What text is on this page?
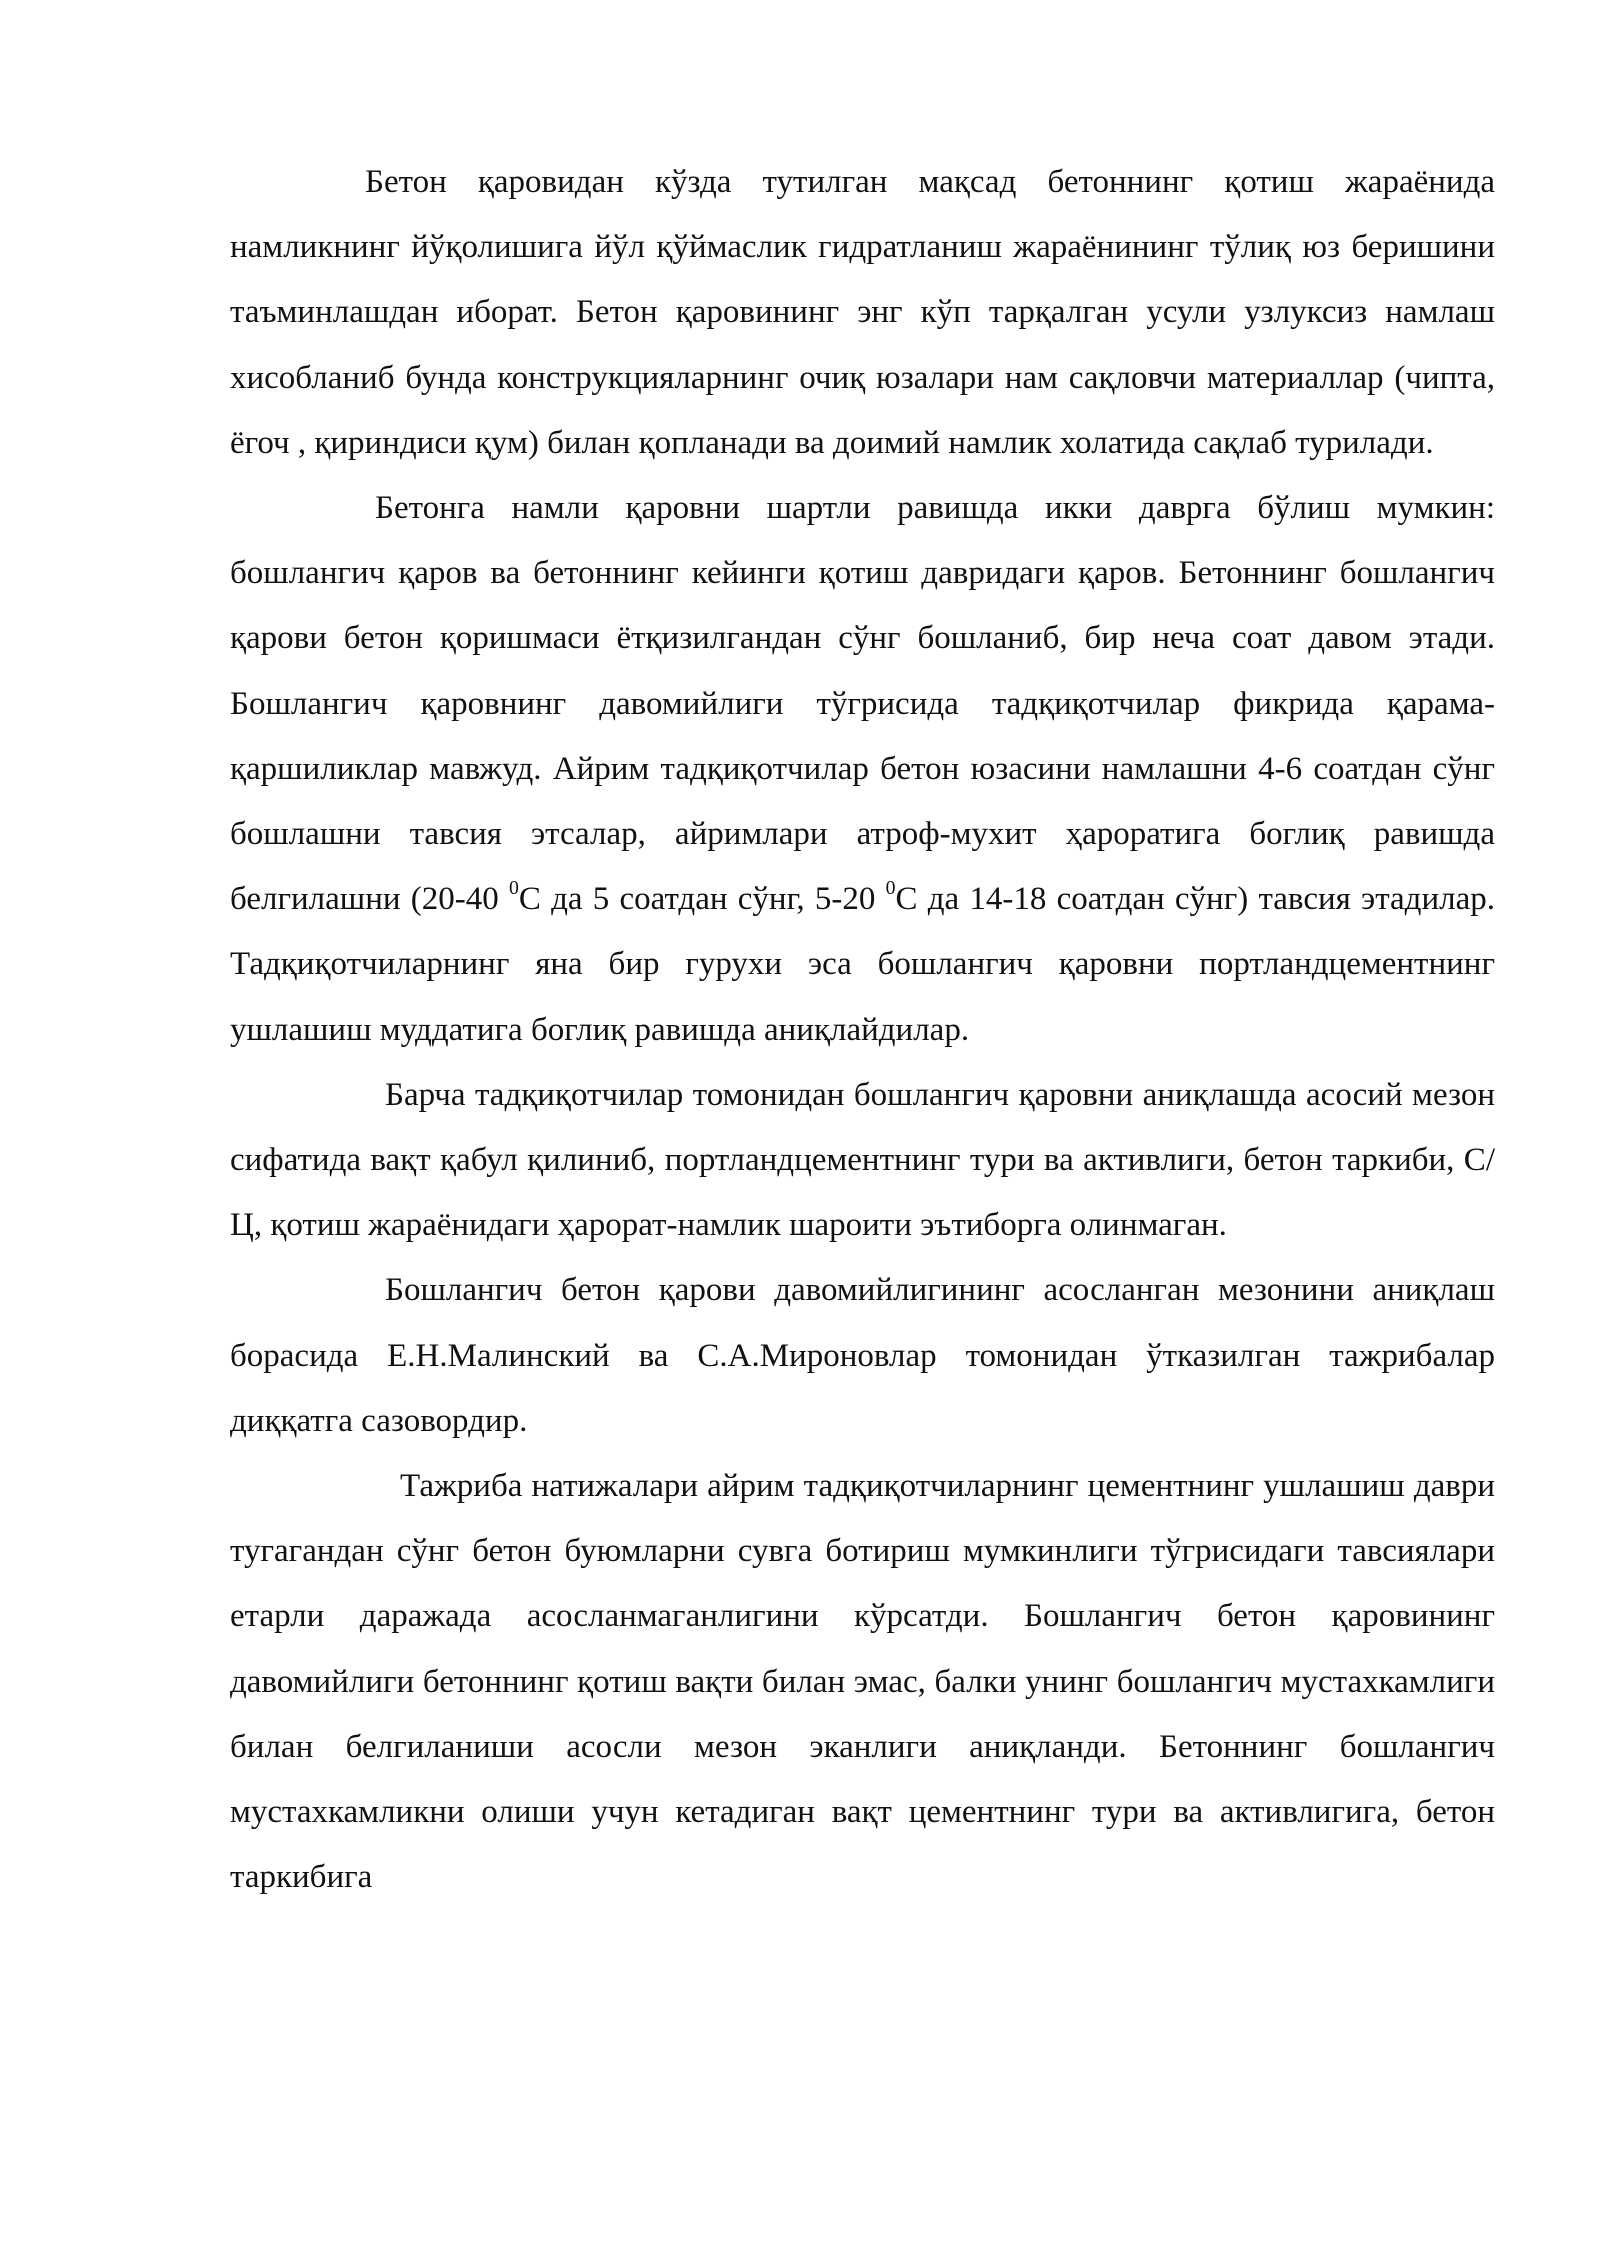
Бетон қаровидан кўзда тутилган мақсад бетоннинг қотиш жараёнида намликнинг йўқолишига йўл қўймаслик гидратланиш жараёнининг тўлиқ юз беришини таъминлашдан иборат. Бетон қаровининг энг кўп тарқалган усули узлуксиз намлаш хисобланиб бунда конструкцияларнинг очиқ юзалари нам сақловчи материаллар (чипта, ёгоч , қириндиси қум) билан қопланади ва доимий намлик холатида сақлаб турилади.

Бетонга намли қаровни шартли равишда икки даврга бўлиш мумкин: бошлангич қаров ва бетоннинг кейинги қотиш давридаги қаров. Бетоннинг бошлангич қарови бетон қоришмаси ётқизилгандан сўнг бошланиб, бир неча соат давом этади. Бошлангич қаровнинг давомийлиги тўгрисида тадқиқотчилар фикрида қарама-қаршиликлар мавжуд. Айрим тадқиқотчилар бетон юзасини намлашни 4-6 соатдан сўнг бошлашни тавсия этсалар, айримлари атроф-мухит ҳароратига боглиқ равишда белгилашни (20-40 $^0$С да 5 соатдан сўнг, 5-20 $^0$С да 14-18 соатдан сўнг) тавсия этадилар. Тадқиқотчиларнинг яна бир гурухи эса бошлангич қаровни портландцементнинг ушлашиш муддатига боглиқ равишда аниқлайдилар.

Барча тадқиқотчилар томонидан бошлангич қаровни аниқлашда асосий мезон сифатида вақт қабул қилиниб, портландцементнинг тури ва активлиги, бетон таркиби, С/Ц, қотиш жараёнидаги ҳарорат-намлик шароити эътиборга олинмаган.

Бошлангич бетон қарови давомийлигининг асосланган мезонини аниқлаш борасида Е.Н.Малинский ва С.А.Мироновлар томонидан ўтказилган тажрибалар диққатга сазовордир.

Тажриба натижалари айрим тадқиқотчиларнинг цементнинг ушлашиш даври тугагандан сўнг бетон буюмларни сувга ботириш мумкинлиги тўгрисидаги тавсиялари етарли даражада асосланмаганлигини кўрсатди. Бошлангич бетон қаровининг давомийлиги бетоннинг қотиш вақти билан эмас, балки унинг бошлангич мустахкамлиги билан белгиланиши асосли мезон эканлиги аниқланди. Бетоннинг бошлангич мустахкамликни олиши учун кетадиган вақт цементнинг тури ва активлигига, бетон таркибига
